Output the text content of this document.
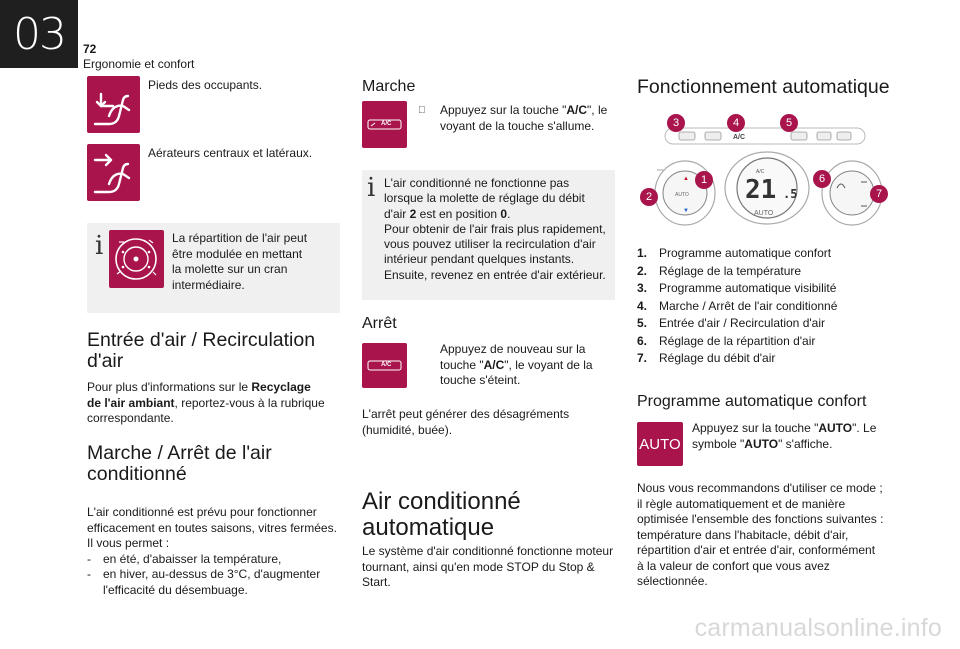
03	72
Ergonomie et confort
Pieds des occupants.
Aérateurs centraux et latéraux.
i	La répartition de l'air peut
être modulée en mettant
la molette sur un cran
intermédiaire.
Entrée d'air / Recirculation
d'air
Pour plus d'informations sur le Recyclage
de l'air ambiant, reportez-vous à la rubrique
correspondante.
Marche / Arrêt de l'air
conditionné
L'air conditionné est prévu pour fonctionner
efficacement en toutes saisons, vitres fermées.
Il vous permet :
-	en été, d'abaisser la température,
-	en hiver, au-dessus de 3°C, d'augmenter
l'efficacité du désembuage.
Marche
A/C
Appuyez sur la touche "A/C", le
voyant de la touche s'allume.
i L'air conditionné ne fonctionne pas
lorsque la molette de réglage du débit
d'air 2 est en position 0.
Pour obtenir de l'air frais plus rapidement,
vous pouvez utiliser la recirculation d'air
intérieur pendant quelques instants.
Ensuite, revenez en entrée d'air extérieur.
Arrêt
A/C
Appuyez de nouveau sur la
touche "A/C", le voyant de la
touche s'éteint.
L'arrêt peut générer des désagréments
(humidité, buée).
Air conditionné
automatique
Le système d'air conditionné fonctionne moteur
tournant, ainsi qu'en mode STOP du Stop &
Start.
Fonctionnement automatique
▲
▼
21 .5
A/C
A/C
AUTO
AUTO
1
2
3	4	5
6
7
1. Programme automatique confort
2. Réglage de la température
3. Programme automatique visibilité
4. Marche / Arrêt de l'air conditionné
5. Entrée d'air / Recirculation d'air
6. Réglage de la répartition d'air
7. Réglage du débit d'air
Programme automatique confort
AUTO
Appuyez sur la touche "AUTO". Le
symbole "AUTO" s'affiche.
Nous vous recommandons d'utiliser ce mode ;
il règle automatiquement et de manière
optimisée l'ensemble des fonctions suivantes :
température dans l'habitacle, débit d'air,
répartition d'air et entrée d'air, conformément
à la valeur de confort que vous avez
sélectionnée.
carmanualsonline.info
